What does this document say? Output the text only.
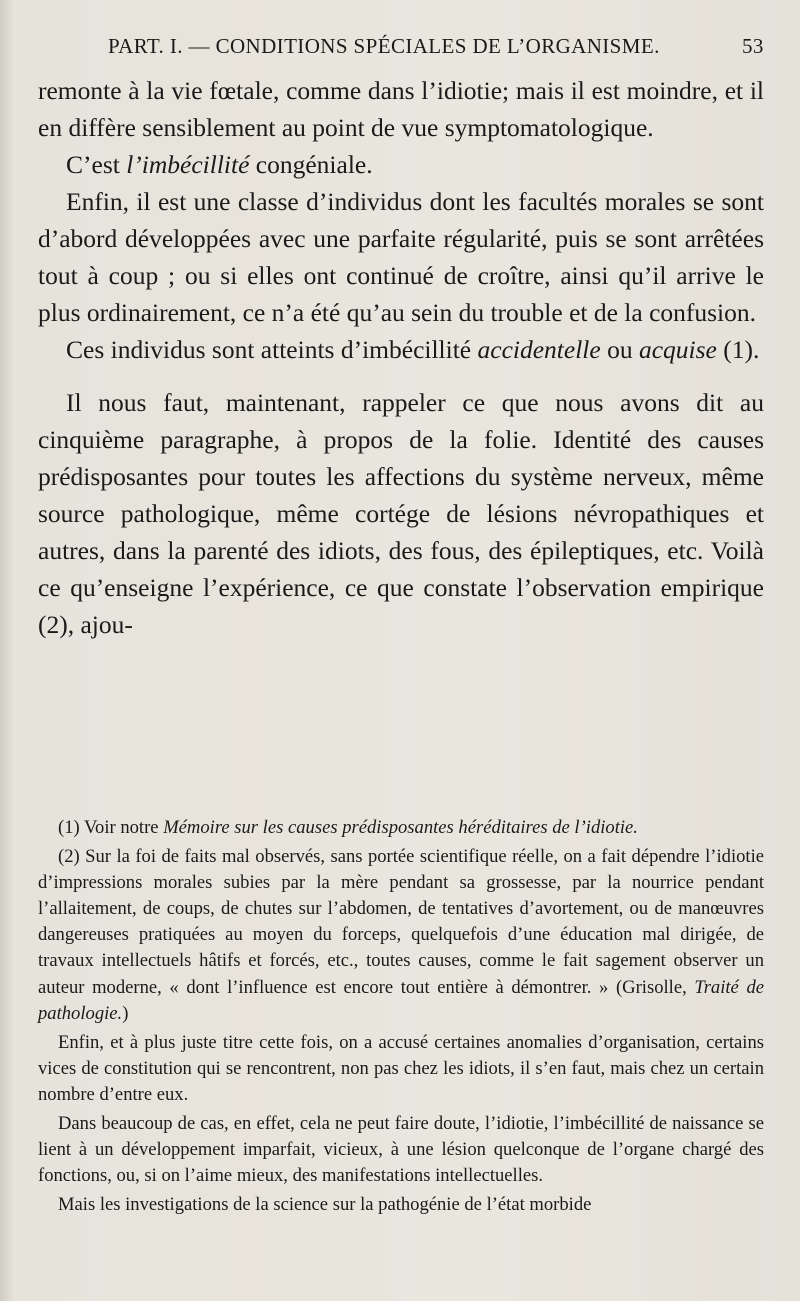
PART. I. — CONDITIONS SPÉCIALES DE L’ORGANISME.	53

remonte à la vie fœtale, comme dans l’idiotie; mais il est moindre, et il en diffère sensiblement au point de vue symptomatologique.

C’est l’imbécillité congéniale.

Enfin, il est une classe d’individus dont les facultés morales se sont d’abord développées avec une parfaite régularité, puis se sont arrêtées tout à coup ; ou si elles ont continué de croître, ainsi qu’il arrive le plus ordinairement, ce n’a été qu’au sein du trouble et de la confusion.

Ces individus sont atteints d’imbécillité accidentelle ou acquise (1).

Il nous faut, maintenant, rappeler ce que nous avons dit au cinquième paragraphe, à propos de la folie. Identité des causes prédisposantes pour toutes les affections du système nerveux, même source pathologique, même cortége de lésions névropathiques et autres, dans la parenté des idiots, des fous, des épileptiques, etc. Voilà ce qu’enseigne l’expérience, ce que constate l’observation empirique (2), ajou-

(1) Voir notre Mémoire sur les causes prédisposantes héréditaires de l’idiotie.

(2) Sur la foi de faits mal observés, sans portée scientifique réelle, on a fait dépendre l’idiotie d’impressions morales subies par la mère pendant sa grossesse, par la nourrice pendant l’allaitement, de coups, de chutes sur l’abdomen, de tentatives d’avortement, ou de manœuvres dangereuses pratiquées au moyen du forceps, quelquefois d’une éducation mal dirigée, de travaux intellectuels hâtifs et forcés, etc., toutes causes, comme le fait sagement observer un auteur moderne, « dont l’influence est encore tout entière à démontrer. » (Grisolle, Traité de pathologie.)

Enfin, et à plus juste titre cette fois, on a accusé certaines anomalies d’organisation, certains vices de constitution qui se rencontrent, non pas chez les idiots, il s’en faut, mais chez un certain nombre d’entre eux.

Dans beaucoup de cas, en effet, cela ne peut faire doute, l’idiotie, l’imbécillité de naissance se lient à un développement imparfait, vicieux, à une lésion quelconque de l’organe chargé des fonctions, ou, si on l’aime mieux, des manifestations intellectuelles.

Mais les investigations de la science sur la pathogénie de l’état morbide
